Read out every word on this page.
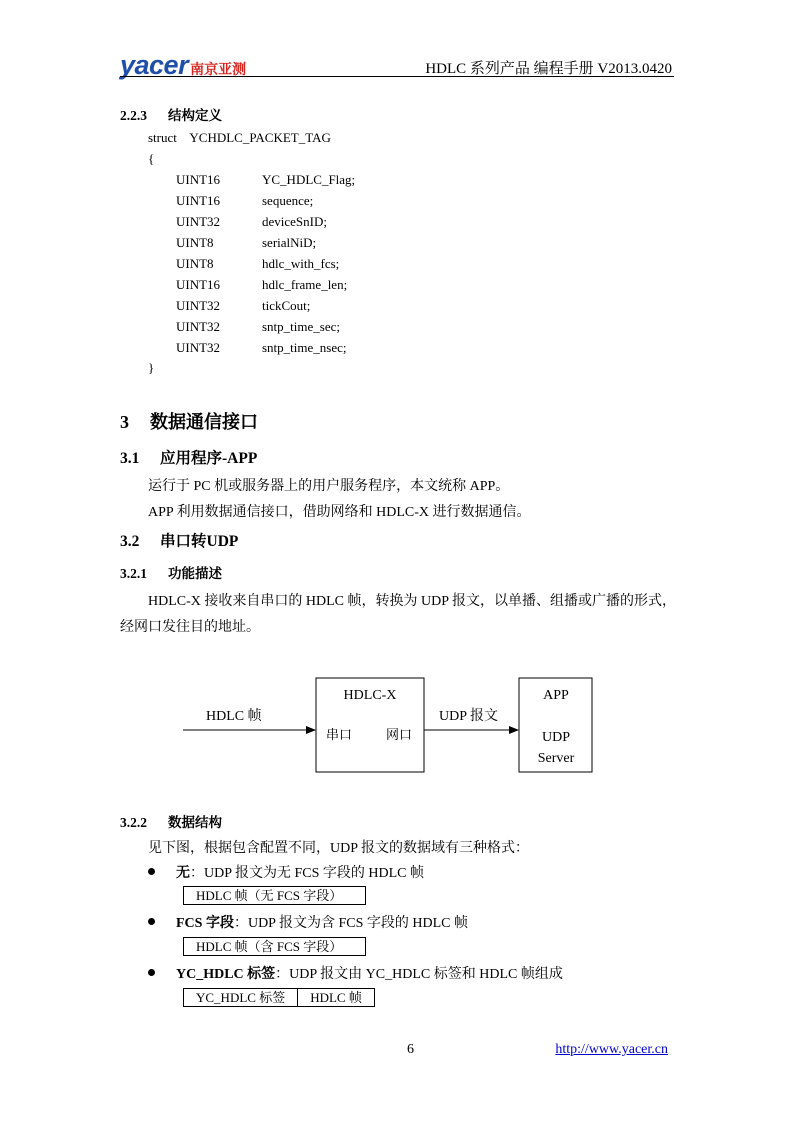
yacer 南京亚测	HDLC 系列产品 编程手册 V2013.0420
2.2.3 结构定义
struct    YCHDLC_PACKET_TAG
{
UINT16	YC_HDLC_Flag;
UINT16	sequence;
UINT32	deviceSnID;
UINT8	serialNiD;
UINT8	hdlc_with_fcs;
UINT16	hdlc_frame_len;
UINT32	tickCout;
UINT32	sntp_time_sec;
UINT32	sntp_time_nsec;
}
3 数据通信接口
3.1 应用程序-APP
运行于 PC 机或服务器上的用户服务程序，本文统称 APP。
APP 利用数据通信接口，借助网络和 HDLC-X 进行数据通信。
3.2 串口转UDP
3.2.1 功能描述
HDLC-X 接收来自串口的 HDLC 帧，转换为 UDP 报文，以单播、组播或广播的形式，
经网口发往目的地址。
HDLC 帧
HDLC-X
串口	网口
UDP 报文
APP
UDP
Server
3.2.2 数据结构
见下图，根据包含配置不同，UDP 报文的数据域有三种格式：
无：UDP 报文为无 FCS 字段的 HDLC 帧
HDLC 帧（无 FCS 字段）
FCS 字段：UDP 报文为含 FCS 字段的 HDLC 帧
HDLC 帧（含 FCS 字段）
YC_HDLC 标签：UDP 报文由 YC_HDLC 标签和 HDLC 帧组成
YC_HDLC 标签	HDLC 帧
6	http://www.yacer.cn
